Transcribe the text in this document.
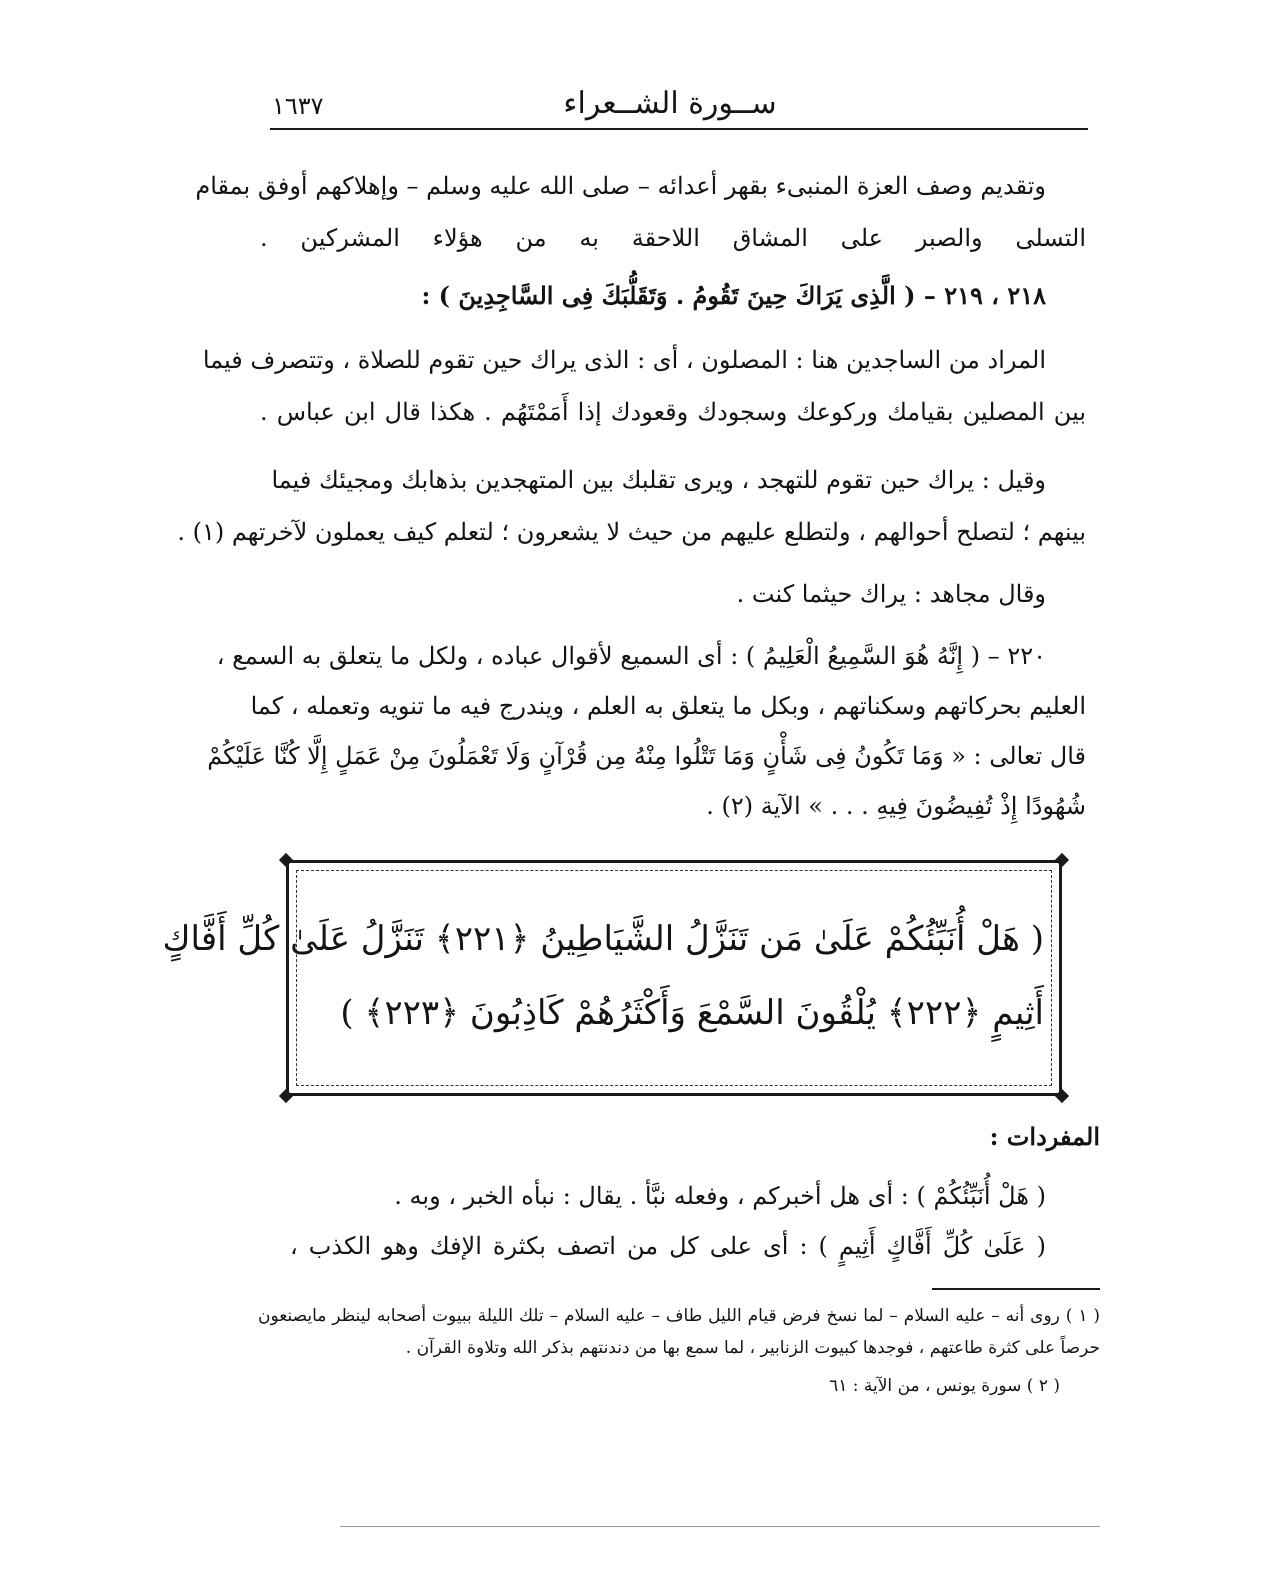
ســورة الشــعراء
١٦٣٧
وتقديم وصف العزة المنبىء بقهر أعدائه – صلى الله عليه وسلم – وإهلاكهم أوفق بمقام
التسلى والصبر على المشاق اللاحقة به من هؤلاء المشركين .
٢١٨ ، ٢١٩ – ( الَّذِى يَرَاكَ حِينَ تَقُومُ . وَتَقَلُّبَكَ فِى السَّاجِدِينَ ) :
المراد من الساجدين هنا : المصلون ، أى : الذى يراك حين تقوم للصلاة ، وتتصرف فيما
بين المصلين بقيامك وركوعك وسجودك وقعودك إذا أَمَمْتَهُم . هكذا قال ابن عباس .
وقيل : يراك حين تقوم للتهجد ، ويرى تقلبك بين المتهجدين بذهابك ومجيئك فيما
بينهم ؛ لتصلح أحوالهم ، ولتطلع عليهم من حيث لا يشعرون ؛ لتعلم كيف يعملون لآخرتهم (١) .
وقال مجاهد : يراك حيثما كنت .
٢٢٠ – ( إِنَّهُ هُوَ السَّمِيعُ الْعَلِيمُ ) : أى السميع لأقوال عباده ، ولكل ما يتعلق به السمع ،
العليم بحركاتهم وسكناتهم ، وبكل ما يتعلق به العلم ، ويندرج فيه ما تنويه وتعمله ، كما
قال تعالى : « وَمَا تَكُونُ فِى شَأْنٍ وَمَا تَتْلُوا مِنْهُ مِن قُرْآنٍ وَلَا تَعْمَلُونَ مِنْ عَمَلٍ إِلَّا كُنَّا عَلَيْكُمْ
شُهُودًا إِذْ تُفِيضُونَ فِيهِ . . . » الآية (٢) .
( هَلْ أُنَبِّئُكُمْ عَلَىٰ مَن تَنَزَّلُ الشَّيَاطِينُ ﴿٢٢١﴾ تَنَزَّلُ عَلَىٰ كُلِّ أَفَّاكٍ
أَثِيمٍ ﴿٢٢٢﴾ يُلْقُونَ السَّمْعَ وَأَكْثَرُهُمْ كَاذِبُونَ ﴿٢٢٣﴾ )
المفردات :
( هَلْ أُنَبِّئُكُمْ ) : أى هل أخبركم ، وفعله نبَّأ . يقال : نبأه الخبر ، وبه .
( عَلَىٰ كُلِّ أَفَّاكٍ أَثِيمٍ ) : أى على كل من اتصف بكثرة الإفك وهو الكذب ،
( ١ ) روى أنه – عليه السلام – لما نسخ فرض قيام الليل طاف – عليه السلام – تلك الليلة ببيوت أصحابه لينظر مايصنعون
حرصاً على كثرة طاعتهم ، فوجدها كبيوت الزنابير ، لما سمع بها من دندنتهم بذكر الله وتلاوة القرآن .
( ٢ ) سورة يونس ، من الآية : ٦١
